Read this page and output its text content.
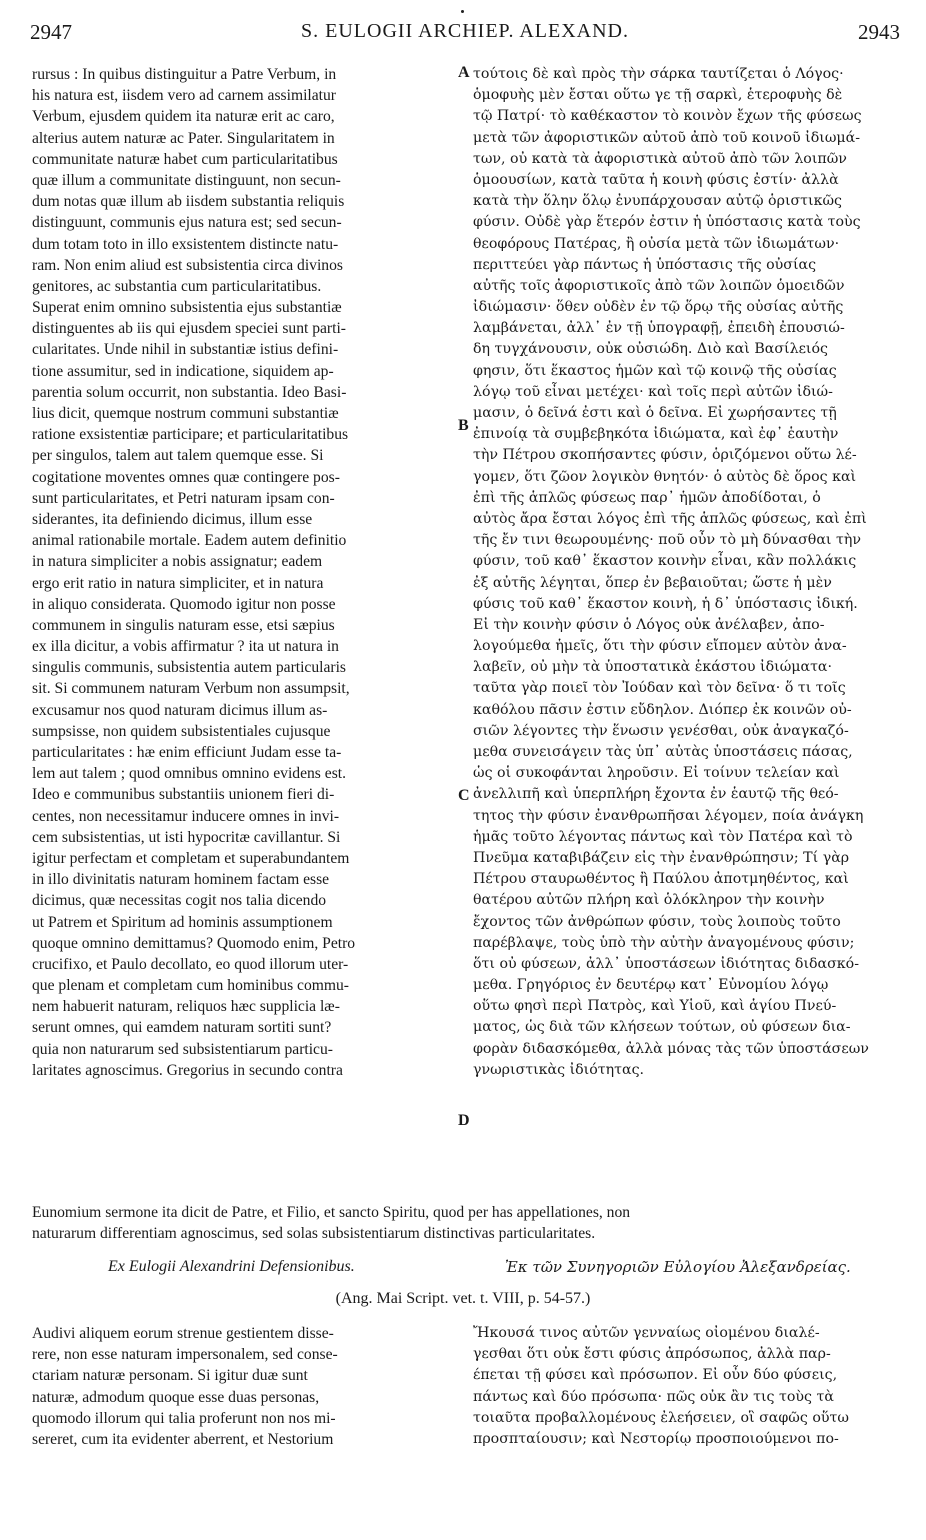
2947	S. EULOGII ARCHIEP. ALEXAND.	2943
rursus : In quibus distinguitur a Patre Verbum, in
his natura est, iisdem vero ad carnem assimilatur
Verbum, ejusdem quidem ita naturæ erit ac caro,
alterius autem naturæ ac Pater. Singularitatem in
communitate naturæ habet cum particularitatibus
quæ illum a communitate distinguunt, non secun-
dum notas quæ illum ab iisdem substantia reliquis
distinguunt, communis ejus natura est; sed secun-
dum totam toto in illo exsistentem distincte natu-
ram. Non enim aliud est subsistentia circa divinos
genitores, ac substantia cum particularitatibus.
Superat enim omnino subsistentia ejus substantiæ
distinguentes ab iis qui ejusdem speciei sunt parti-
cularitates. Unde nihil in substantiæ istius defini-
tione assumitur, sed in indicatione, siquidem ap-
parentia solum occurrit, non substantia. Ideo Basi-
lius dicit, quemque nostrum communi substantiæ
ratione exsistentiæ participare; et particularitatibus
per singulos, talem aut talem quemque esse. Si
cogitatione moventes omnes quæ contingere pos-
sunt particularitates, et Petri naturam ipsam con-
siderantes, ita definiendo dicimus, illum esse
animal rationabile mortale. Eadem autem definitio
in natura simpliciter a nobis assignatur; eadem
ergo erit ratio in natura simpliciter, et in natura
in aliquo considerata. Quomodo igitur non posse
communem in singulis naturam esse, etsi sæpius
ex illa dicitur, a vobis affirmatur ? ita ut natura in
singulis communis, subsistentia autem particularis
sit. Si communem naturam Verbum non assumpsit,
excusamur nos quod naturam dicimus illum as-
sumpsisse, non quidem subsistentiales cujusque
particularitates : hæ enim efficiunt Judam esse ta-
lem aut talem ; quod omnibus omnino evidens est.
Ideo e communibus substantiis unionem fieri di-
centes, non necessitamur inducere omnes in invi-
cem subsistentias, ut isti hypocritæ cavillantur. Si
igitur perfectam et completam et superabundantem
in illo divinitatis naturam hominem factam esse
dicimus, quæ necessitas cogit nos talia dicendo
ut Patrem et Spiritum ad hominis assumptionem
quoque omnino demittamus? Quomodo enim, Petro
crucifixo, et Paulo decollato, eo quod illorum uter-
que plenam et completam cum hominibus commu-
nem habuerit naturam, reliquos hæc supplicia læ-
serunt omnes, qui eamdem naturam sortiti sunt?
quia non naturarum sed subsistentiarum particu-
laritates agnoscimus. Gregorius in secundo contra
τούτοις δὲ καὶ πρὸς τὴν σάρκα ταυτίζεται ὁ Λόγος·
ὁμοφυὴς μὲν ἔσται οὕτω γε τῇ σαρκὶ, ἑτεροφυὴς δὲ
τῷ Πατρί· τὸ καθέκαστον τὸ κοινὸν ἔχων τῆς φύσεως
μετὰ τῶν ἀφοριστικῶν αὐτοῦ ἀπὸ τοῦ κοινοῦ ἰδιωμά-
των, οὐ κατὰ τὰ ἀφοριστικὰ αὐτοῦ ἀπὸ τῶν λοιπῶν
ὁμοουσίων, κατὰ ταῦτα ἡ κοινὴ φύσις ἐστίν· ἀλλὰ
κατὰ τὴν ὅλην ὅλῳ ἐνυπάρχουσαν αὐτῷ ὁριστικῶς
φύσιν. Οὐδὲ γὰρ ἕτερόν ἐστιν ἡ ὑπόστασις κατὰ τοὺς
θεοφόρους Πατέρας, ἢ οὐσία μετὰ τῶν ἰδιωμάτων·
περιττεύει γὰρ πάντως ἡ ὑπόστασις τῆς οὐσίας
αὐτῆς τοῖς ἀφοριστικοῖς ἀπὸ τῶν λοιπῶν ὁμοειδῶν
ἰδιώμασιν· ὅθεν οὐδὲν ἐν τῷ ὅρῳ τῆς οὐσίας αὐτῆς
λαμβάνεται, ἀλλ᾽ ἐν τῇ ὑπογραφῇ, ἐπειδὴ ἐπουσιώ-
δη τυγχάνουσιν, οὐκ οὐσιώδη. Διὸ καὶ Βασίλειός
φησιν, ὅτι ἕκαστος ἡμῶν καὶ τῷ κοινῷ τῆς οὐσίας
λόγῳ τοῦ εἶναι μετέχει· καὶ τοῖς περὶ αὐτῶν ἰδιώ-
μασιν, ὁ δεῖνά ἐστι καὶ ὁ δεῖνα. Εἰ χωρήσαντες τῇ
ἐπινοίᾳ τὰ συμβεβηκότα ἰδιώματα, καὶ ἐφ᾽ ἑαυτὴν
τὴν Πέτρου σκοπήσαντες φύσιν, ὁριζόμενοι οὕτω λέ-
γομεν, ὅτι ζῶον λογικὸν θνητόν· ὁ αὐτὸς δὲ ὅρος καὶ
ἐπὶ τῆς ἁπλῶς φύσεως παρ᾽ ἡμῶν ἀποδίδοται, ὁ
αὐτὸς ἄρα ἔσται λόγος ἐπὶ τῆς ἁπλῶς φύσεως, καὶ ἐπὶ
τῆς ἔν τινι θεωρουμένης· ποῦ οὖν τὸ μὴ δύνασθαι τὴν
φύσιν, τοῦ καθ᾽ ἕκαστον κοινὴν εἶναι, κἂν πολλάκις
ἐξ αὐτῆς λέγηται, ὅπερ ἐν βεβαιοῦται; ὥστε ἡ μὲν
φύσις τοῦ καθ᾽ ἕκαστον κοινὴ, ἡ δ᾽ ὑπόστασις ἰδική.
Εἰ τὴν κοινὴν φύσιν ὁ Λόγος οὐκ ἀνέλαβεν, ἀπο-
λογούμεθα ἡμεῖς, ὅτι τὴν φύσιν εἴπομεν αὐτὸν ἀνα-
λαβεῖν, οὐ μὴν τὰ ὑποστατικὰ ἑκάστου ἰδιώματα·
ταῦτα γὰρ ποιεῖ τὸν Ἰούδαν καὶ τὸν δεῖνα· ὅ τι τοῖς
καθόλου πᾶσιν ἐστιν εὔδηλον. Διόπερ ἐκ κοινῶν οὐ-
σιῶν λέγοντες τὴν ἕνωσιν γενέσθαι, οὐκ ἀναγκαζό-
μεθα συνεισάγειν τὰς ὑπ᾽ αὐτὰς ὑποστάσεις πάσας,
ὡς οἱ συκοφάνται ληροῦσιν. Εἰ τοίνυν τελείαν καὶ
ἀνελλιπῆ καὶ ὑπερπλήρη ἔχοντα ἐν ἑαυτῷ τῆς θεό-
τητος τὴν φύσιν ἐνανθρωπῆσαι λέγομεν, ποία ἀνάγκη
ἡμᾶς τοῦτο λέγοντας πάντως καὶ τὸν Πατέρα καὶ τὸ
Πνεῦμα καταβιβάζειν εἰς τὴν ἐνανθρώπησιν; Τί γὰρ
Πέτρου σταυρωθέντος ἢ Παύλου ἀποτμηθέντος, καὶ
θατέρου αὐτῶν πλήρη καὶ ὁλόκληρον τὴν κοινὴν
ἔχοντος τῶν ἀνθρώπων φύσιν, τοὺς λοιποὺς τοῦτο
παρέβλαψε, τοὺς ὑπὸ τὴν αὐτὴν ἀναγομένους φύσιν;
ὅτι οὐ φύσεων, ἀλλ᾽ ὑποστάσεων ἰδιότητας διδασκό-
μεθα. Γρηγόριος ἐν δευτέρῳ κατ᾽ Εὐνομίου λόγῳ
οὕτω φησὶ περὶ Πατρὸς, καὶ Υἱοῦ, καὶ ἁγίου Πνεύ-
ματος, ὡς διὰ τῶν κλήσεων τούτων, οὐ φύσεων δια-
φορὰν διδασκόμεθα, ἀλλὰ μόνας τὰς τῶν ὑποστάσεων
γνωριστικὰς ἰδιότητας.
A
B
C
D
Eunomium sermone ita dicit de Patre, et Filio, et sancto Spiritu, quod per has appellationes, non
naturarum differentiam agnoscimus, sed solas subsistentiarum distinctivas particularitates.
Ex Eulogii Alexandrini Defensionibus.	Ἐκ τῶν Συνηγοριῶν Εὐλογίου Ἀλεξανδρείας.
(Ang. Mai Script. vet. t. VIII, p. 54-57.)
Audivi aliquem eorum strenue gestientem disse-
rere, non esse naturam impersonalem, sed conse-
ctariam naturæ personam. Si igitur duæ sunt
naturæ, admodum quoque esse duas personas,
quomodo illorum qui talia proferunt non nos mi-
sereret, cum ita evidenter aberrent, et Nestorium
Ἤκουσά τινος αὐτῶν γενναίως οἰομένου διαλέ-
γεσθαι ὅτι οὐκ ἔστι φύσις ἀπρόσωπος, ἀλλὰ παρ-
έπεται τῇ φύσει καὶ πρόσωπον. Εἰ οὖν δύο φύσεις,
πάντως καὶ δύο πρόσωπα· πῶς οὐκ ἂν τις τοὺς τὰ
τοιαῦτα προβαλλομένους ἐλεήσειεν, οἳ σαφῶς οὕτω
προσπταίουσιν; καὶ Νεστορίῳ προσποιούμενοι πο-
